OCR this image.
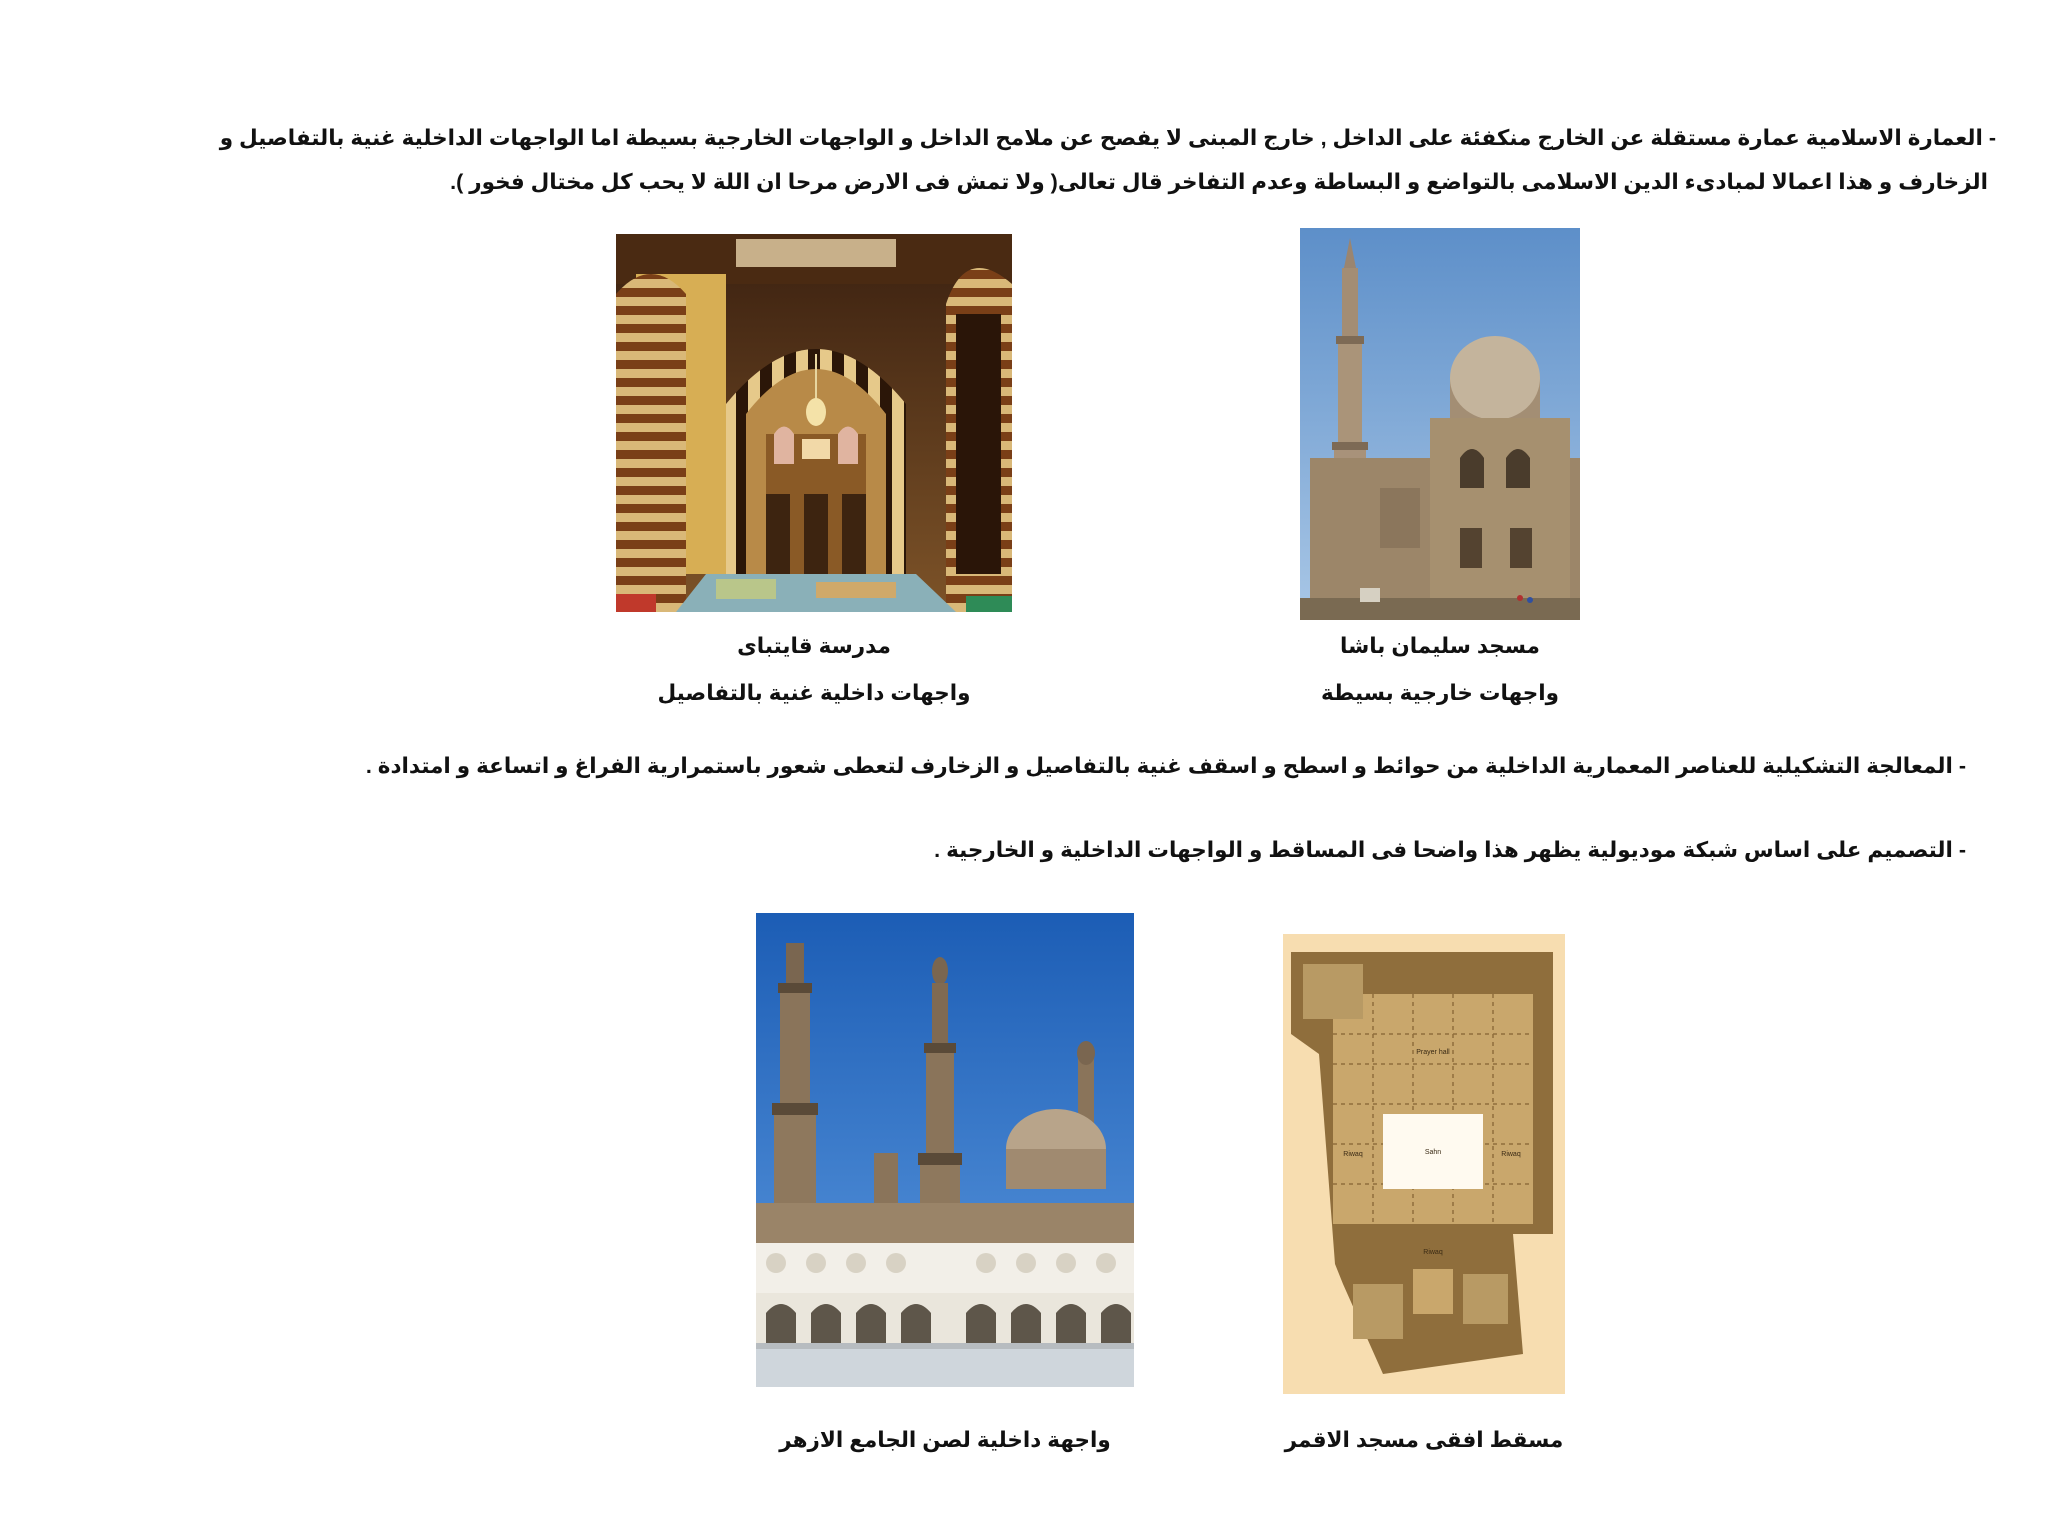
- العمارة الاسلامية عمارة مستقلة عن الخارج منكفئة على الداخل , خارج المبنى لا يفصح عن ملامح الداخل و الواجهات الخارجية بسيطة اما الواجهات الداخلية غنية بالتفاصيل و
الزخارف و هذا اعمالا لمبادىء الدين الاسلامى بالتواضع و البساطة وعدم التفاخر قال تعالى( ولا تمش فى الارض مرحا ان اللة لا يحب كل مختال فخور ).
مدرسة قايتباى
واجهات داخلية غنية بالتفاصيل
مسجد سليمان باشا
واجهات خارجية بسيطة
- المعالجة التشكيلية للعناصر المعمارية الداخلية من حوائط و اسطح و اسقف غنية بالتفاصيل و الزخارف لتعطى شعور باستمرارية الفراغ و اتساعة و امتدادة .
- التصميم على اساس شبكة موديولية يظهر هذا واضحا فى المساقط و الواجهات الداخلية و الخارجية .
Prayer hall
Sahn
Riwaq	Riwaq
Riwaq
واجهة داخلية لصن الجامع الازهر	مسقط افقى مسجد الاقمر
